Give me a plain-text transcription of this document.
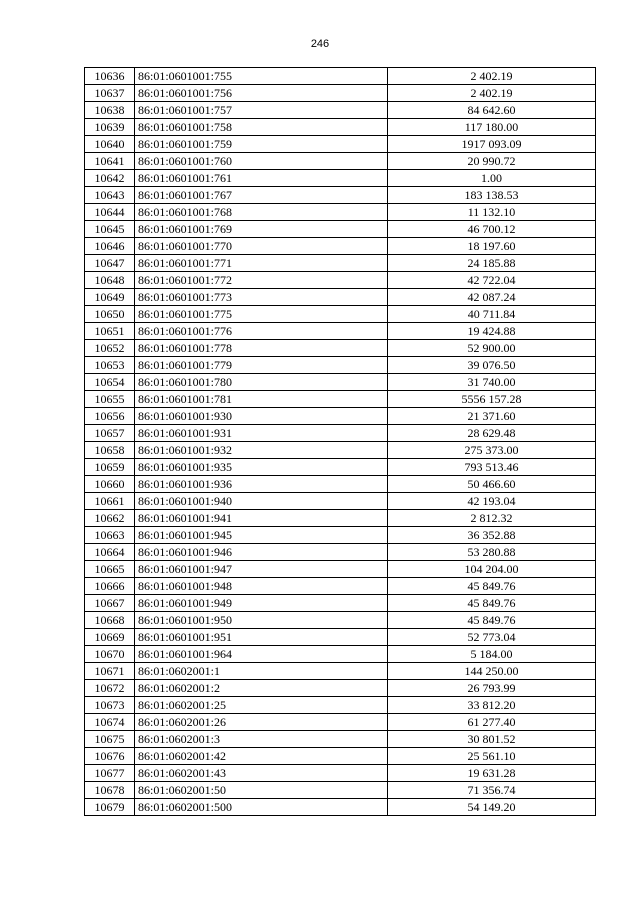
246
10636	86:01:0601001:755	2 402.19
10637	86:01:0601001:756	2 402.19
10638	86:01:0601001:757	84 642.60
10639	86:01:0601001:758	117 180.00
10640	86:01:0601001:759	1917 093.09
10641	86:01:0601001:760	20 990.72
10642	86:01:0601001:761	1.00
10643	86:01:0601001:767	183 138.53
10644	86:01:0601001:768	11 132.10
10645	86:01:0601001:769	46 700.12
10646	86:01:0601001:770	18 197.60
10647	86:01:0601001:771	24 185.88
10648	86:01:0601001:772	42 722.04
10649	86:01:0601001:773	42 087.24
10650	86:01:0601001:775	40 711.84
10651	86:01:0601001:776	19 424.88
10652	86:01:0601001:778	52 900.00
10653	86:01:0601001:779	39 076.50
10654	86:01:0601001:780	31 740.00
10655	86:01:0601001:781	5556 157.28
10656	86:01:0601001:930	21 371.60
10657	86:01:0601001:931	28 629.48
10658	86:01:0601001:932	275 373.00
10659	86:01:0601001:935	793 513.46
10660	86:01:0601001:936	50 466.60
10661	86:01:0601001:940	42 193.04
10662	86:01:0601001:941	2 812.32
10663	86:01:0601001:945	36 352.88
10664	86:01:0601001:946	53 280.88
10665	86:01:0601001:947	104 204.00
10666	86:01:0601001:948	45 849.76
10667	86:01:0601001:949	45 849.76
10668	86:01:0601001:950	45 849.76
10669	86:01:0601001:951	52 773.04
10670	86:01:0601001:964	5 184.00
10671	86:01:0602001:1	144 250.00
10672	86:01:0602001:2	26 793.99
10673	86:01:0602001:25	33 812.20
10674	86:01:0602001:26	61 277.40
10675	86:01:0602001:3	30 801.52
10676	86:01:0602001:42	25 561.10
10677	86:01:0602001:43	19 631.28
10678	86:01:0602001:50	71 356.74
10679	86:01:0602001:500	54 149.20
